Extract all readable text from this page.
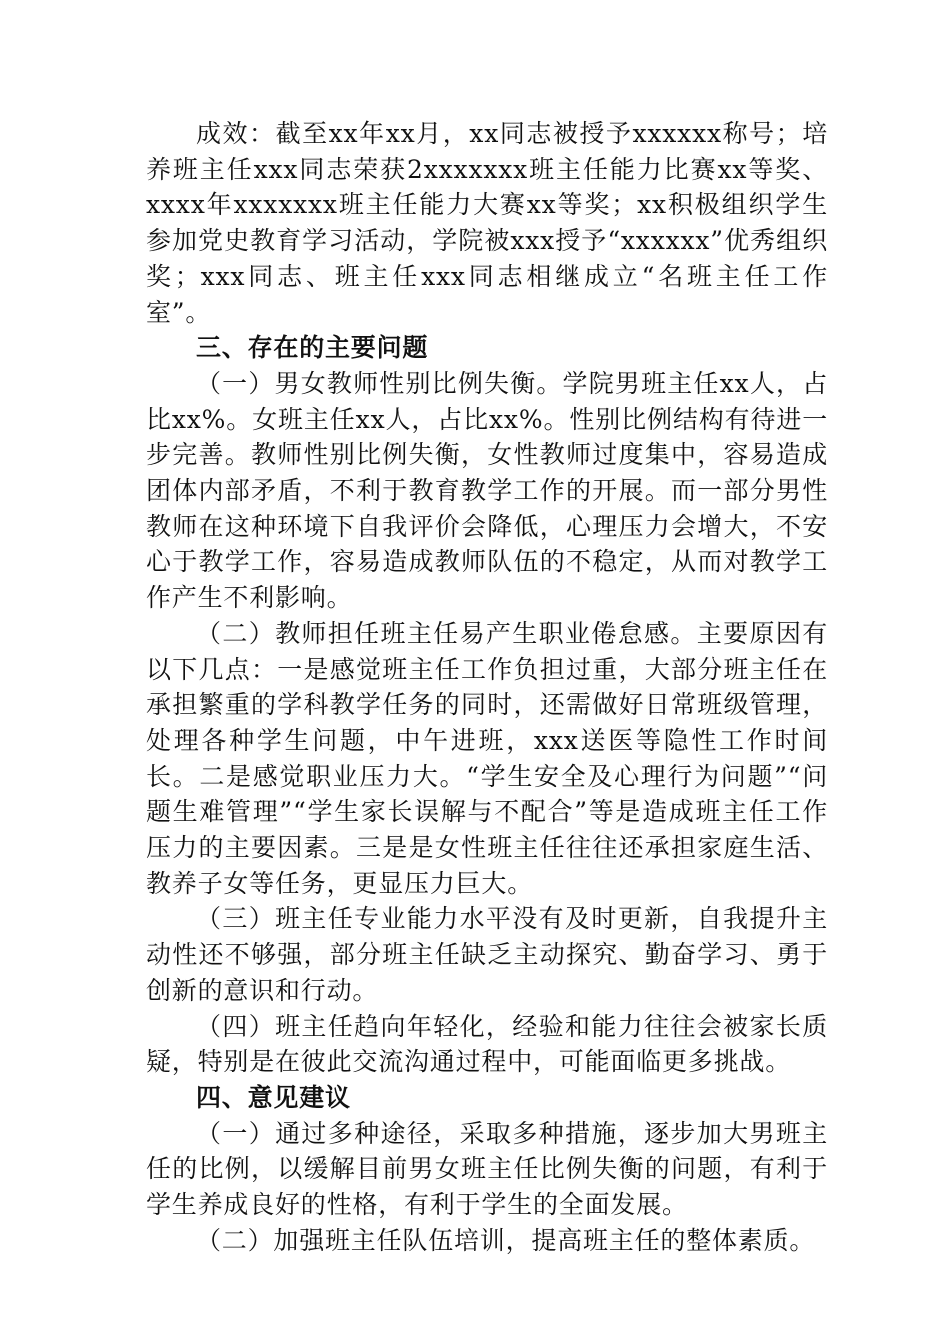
成效：截至xx年xx月，xx同志被授予xxxxxx称号；培养班主任xxx同志荣获2xxxxxxx班主任能力比赛xx等奖、xxxx年xxxxxxx班主任能力大赛xx等奖；xx积极组织学生参加党史教育学习活动，学院被xxx授予“xxxxxx”优秀组织奖；xxx同志、班主任xxx同志相继成立“名班主任工作室”。

三、存在的主要问题

（一）男女教师性别比例失衡。学院男班主任xx人，占比xx%。女班主任xx人，占比xx%。性别比例结构有待进一步完善。教师性别比例失衡，女性教师过度集中，容易造成团体内部矛盾，不利于教育教学工作的开展。而一部分男性教师在这种环境下自我评价会降低，心理压力会增大，不安心于教学工作，容易造成教师队伍的不稳定，从而对教学工作产生不利影响。

（二）教师担任班主任易产生职业倦怠感。主要原因有以下几点：一是感觉班主任工作负担过重，大部分班主任在承担繁重的学科教学任务的同时，还需做好日常班级管理，处理各种学生问题，中午进班，xxx送医等隐性工作时间长。二是感觉职业压力大。“学生安全及心理行为问题”“问题生难管理”“学生家长误解与不配合”等是造成班主任工作压力的主要因素。三是是女性班主任往往还承担家庭生活、教养子女等任务，更显压力巨大。

（三）班主任专业能力水平没有及时更新，自我提升主动性还不够强，部分班主任缺乏主动探究、勤奋学习、勇于创新的意识和行动。

（四）班主任趋向年轻化，经验和能力往往会被家长质疑，特别是在彼此交流沟通过程中，可能面临更多挑战。

四、意见建议

（一）通过多种途径，采取多种措施，逐步加大男班主任的比例，以缓解目前男女班主任比例失衡的问题，有利于学生养成良好的性格，有利于学生的全面发展。

（二）加强班主任队伍培训，提高班主任的整体素质。
